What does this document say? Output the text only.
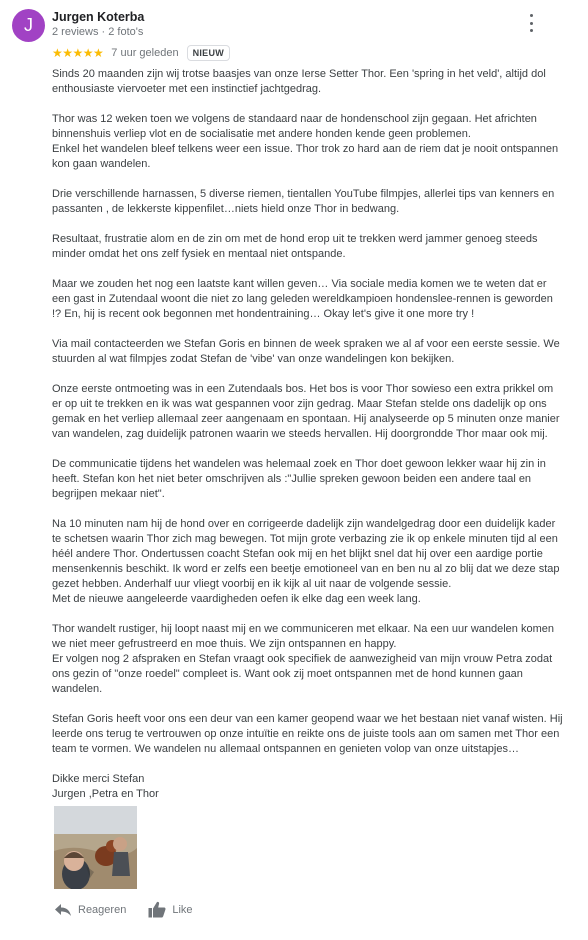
J Jurgen Koterba
2 reviews · 2 foto's
★★★★★ 7 uur geleden	NIEUW

Sinds 20 maanden zijn wij trotse baasjes van onze Ierse Setter Thor. Een 'spring in het veld', altijd dol enthousiaste viervoeter met een instinctief jachtgedrag.

Thor was 12 weken toen we volgens de standaard naar de hondenschool zijn gegaan. Het africhten binnenshuis verliep vlot en de socialisatie met andere honden kende geen problemen.
Enkel het wandelen bleef telkens weer een issue. Thor trok zo hard aan de riem dat je nooit ontspannen kon gaan wandelen.

Drie verschillende harnassen, 5 diverse riemen, tientallen YouTube filmpjes, allerlei tips van kenners en passanten , de lekkerste kippenfilet…niets hield onze Thor in bedwang.

Resultaat, frustratie alom en de zin om met de hond erop uit te trekken werd jammer genoeg steeds minder omdat het ons zelf fysiek en mentaal niet ontspande.

Maar we zouden het nog een laatste kant willen geven… Via sociale media komen we te weten dat er een gast in Zutendaal woont die niet zo lang geleden wereldkampioen hondenslee-rennen is geworden !? En, hij is recent ook begonnen met hondentraining… Okay let's give it one more try !

Via mail contacteerden we Stefan Goris en binnen de week spraken we al af voor een eerste sessie. We stuurden al wat filmpjes zodat Stefan de 'vibe' van onze wandelingen kon bekijken.

Onze eerste ontmoeting was in een Zutendaals bos. Het bos is voor Thor sowieso een extra prikkel om er op uit te trekken en ik was wat gespannen voor zijn gedrag. Maar Stefan stelde ons dadelijk op ons gemak en het verliep allemaal zeer aangenaam en spontaan. Hij analyseerde op 5 minuten onze manier van wandelen, zag duidelijk patronen waarin we steeds hervallen. Hij doorgrondde Thor maar ook mij.

De communicatie tijdens het wandelen was helemaal zoek en Thor doet gewoon lekker waar hij zin in heeft. Stefan kon het niet beter omschrijven als :"Jullie spreken gewoon beiden een andere taal en begrijpen mekaar niet".

Na 10 minuten nam hij de hond over en corrigeerde dadelijk zijn wandelgedrag door een duidelijk kader te schetsen waarin Thor zich mag bewegen. Tot mijn grote verbazing zie ik op enkele minuten tijd al een héél andere Thor. Ondertussen coacht Stefan ook mij en het blijkt snel dat hij over een aardige portie mensenkennis beschikt. Ik word er zelfs een beetje emotioneel van en ben nu al zo blij dat we deze stap gezet hebben. Anderhalf uur vliegt voorbij en ik kijk al uit naar de volgende sessie.
Met de nieuwe aangeleerde vaardigheden oefen ik elke dag een week lang.

Thor wandelt rustiger, hij loopt naast mij en we communiceren met elkaar. Na een uur wandelen komen we niet meer gefrustreerd en moe thuis. We zijn ontspannen en happy.
Er volgen nog 2 afspraken en Stefan vraagt ook specifiek de aanwezigheid van mijn vrouw Petra zodat ons gezin of "onze roedel" compleet is. Want ook zij moet ontspannen met de hond kunnen gaan wandelen.

Stefan Goris heeft voor ons een deur van een kamer geopend waar we het bestaan niet vanaf wisten. Hij leerde ons terug te vertrouwen op onze intuïtie en reikte ons de juiste tools aan om samen met Thor een team te vormen. We wandelen nu allemaal ontspannen en genieten volop van onze uitstapjes…

Dikke merci Stefan
Jurgen ,Petra en Thor

Reageren	Like
